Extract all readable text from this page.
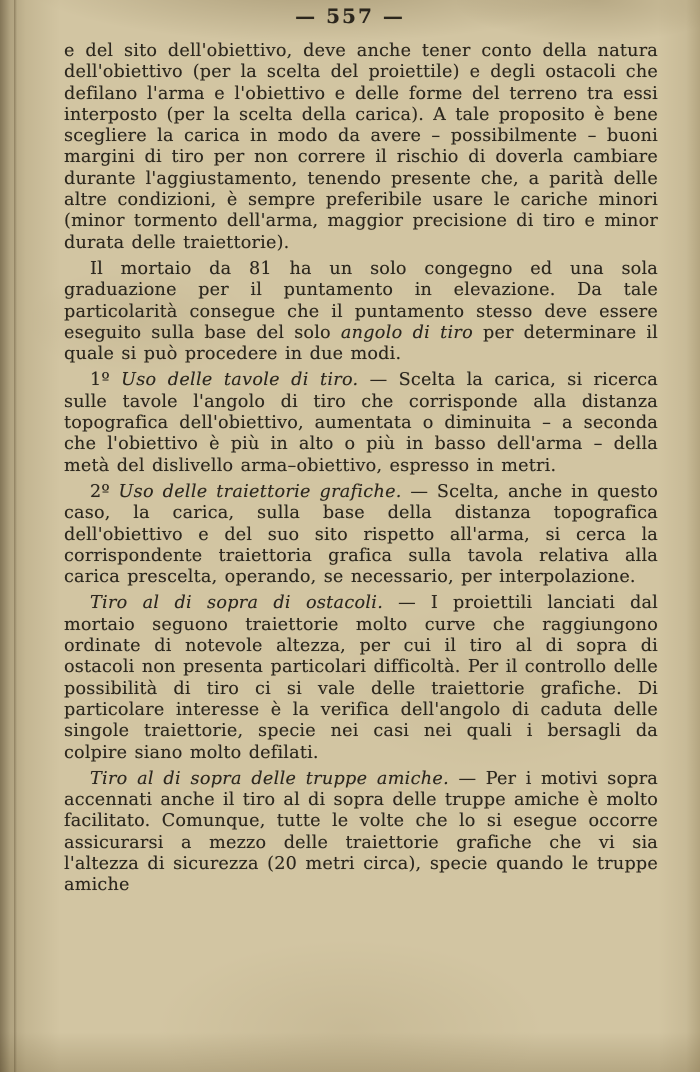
— 557 —

e del sito dell'obiettivo, deve anche tener conto della natura dell'obiettivo (per la scelta del proiettile) e degli ostacoli che defilano l'arma e l'obiettivo e delle forme del terreno tra essi interposto (per la scelta della carica). A tale proposito è bene scegliere la carica in modo da avere – possibilmente – buoni margini di tiro per non correre il rischio di doverla cambiare durante l'aggiustamento, tenendo presente che, a parità delle altre condizioni, è sempre preferibile usare le cariche minori (minor tormento dell'arma, maggior precisione di tiro e minor durata delle traiettorie).

Il mortaio da 81 ha un solo congegno ed una sola graduazione per il puntamento in elevazione. Da tale particolarità consegue che il puntamento stesso deve essere eseguito sulla base del solo angolo di tiro per determinare il quale si può procedere in due modi.

1º Uso delle tavole di tiro. — Scelta la carica, si ricerca sulle tavole l'angolo di tiro che corrisponde alla distanza topografica dell'obiettivo, aumentata o diminuita – a seconda che l'obiettivo è più in alto o più in basso dell'arma – della metà del dislivello arma–obiettivo, espresso in metri.

2º Uso delle traiettorie grafiche. — Scelta, anche in questo caso, la carica, sulla base della distanza topografica dell'obiettivo e del suo sito rispetto all'arma, si cerca la corrispondente traiettoria grafica sulla tavola relativa alla carica prescelta, operando, se necessario, per interpolazione.

Tiro al di sopra di ostacoli. — I proiettili lanciati dal mortaio seguono traiettorie molto curve che raggiungono ordinate di notevole altezza, per cui il tiro al di sopra di ostacoli non presenta particolari difficoltà. Per il controllo delle possibilità di tiro ci si vale delle traiettorie grafiche. Di particolare interesse è la verifica dell'angolo di caduta delle singole traiettorie, specie nei casi nei quali i bersagli da colpire siano molto defilati.

Tiro al di sopra delle truppe amiche. — Per i motivi sopra accennati anche il tiro al di sopra delle truppe amiche è molto facilitato. Comunque, tutte le volte che lo si esegue occorre assicurarsi a mezzo delle traiettorie grafiche che vi sia l'altezza di sicurezza (20 metri circa), specie quando le truppe amiche
